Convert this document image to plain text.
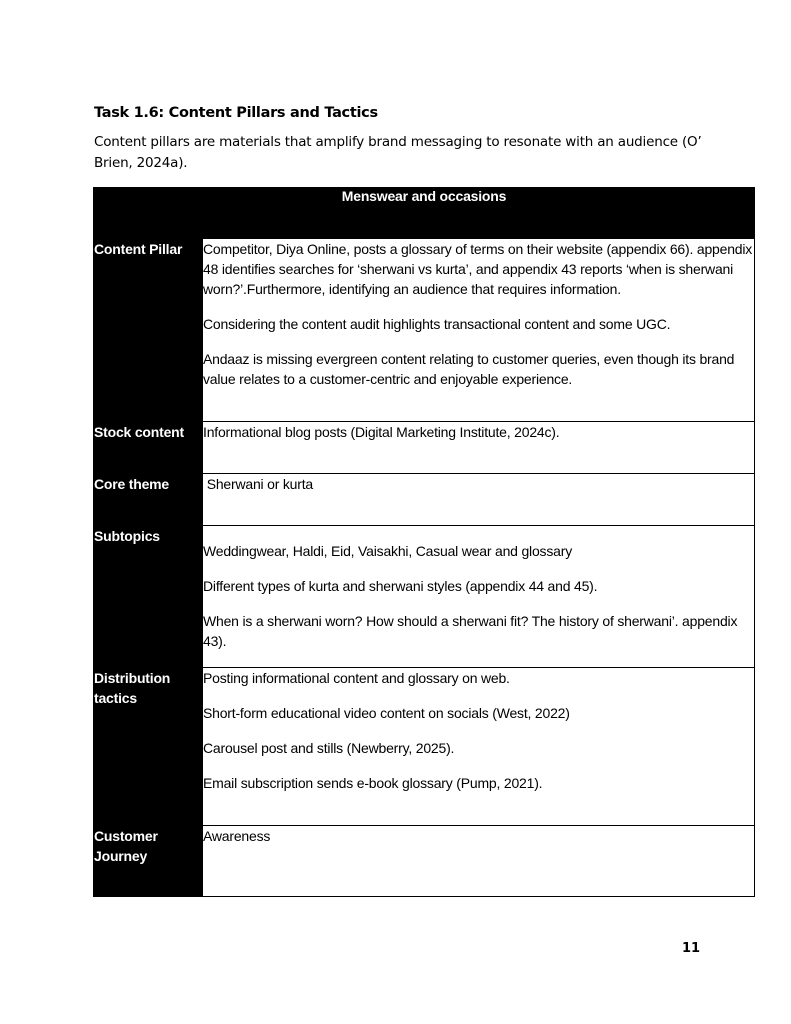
Task 1.6: Content Pillars and Tactics

Content pillars are materials that amplify brand messaging to resonate with an audience (O’ Brien, 2024a).

Menswear and occasions	
Content Pillar	Competitor, Diya Online, posts a glossary of terms on their website (appendix 66). appendix 48 identifies searches for ‘sherwani vs kurta’, and appendix 43 reports ‘when is sherwani worn?’.Furthermore, identifying an audience that requires information.

Considering the content audit highlights transactional content and some UGC.

Andaaz is missing evergreen content relating to customer queries, even though its brand value relates to a customer-centric and enjoyable experience.

Stock content	Informational blog posts (Digital Marketing Institute, 2024c).

Core theme	Sherwani or kurta

Subtopics	Weddingwear, Haldi, Eid, Vaisakhi, Casual wear and glossary

Different types of kurta and sherwani styles (appendix 44 and 45).

When is a sherwani worn? How should a sherwani fit? The history of sherwani’. appendix 43).

Distribution tactics	Posting informational content and glossary on web.

Short-form educational video content on socials (West, 2022)

Carousel post and stills (Newberry, 2025).

Email subscription sends e-book glossary (Pump, 2021).

Customer Journey	Awareness

11
